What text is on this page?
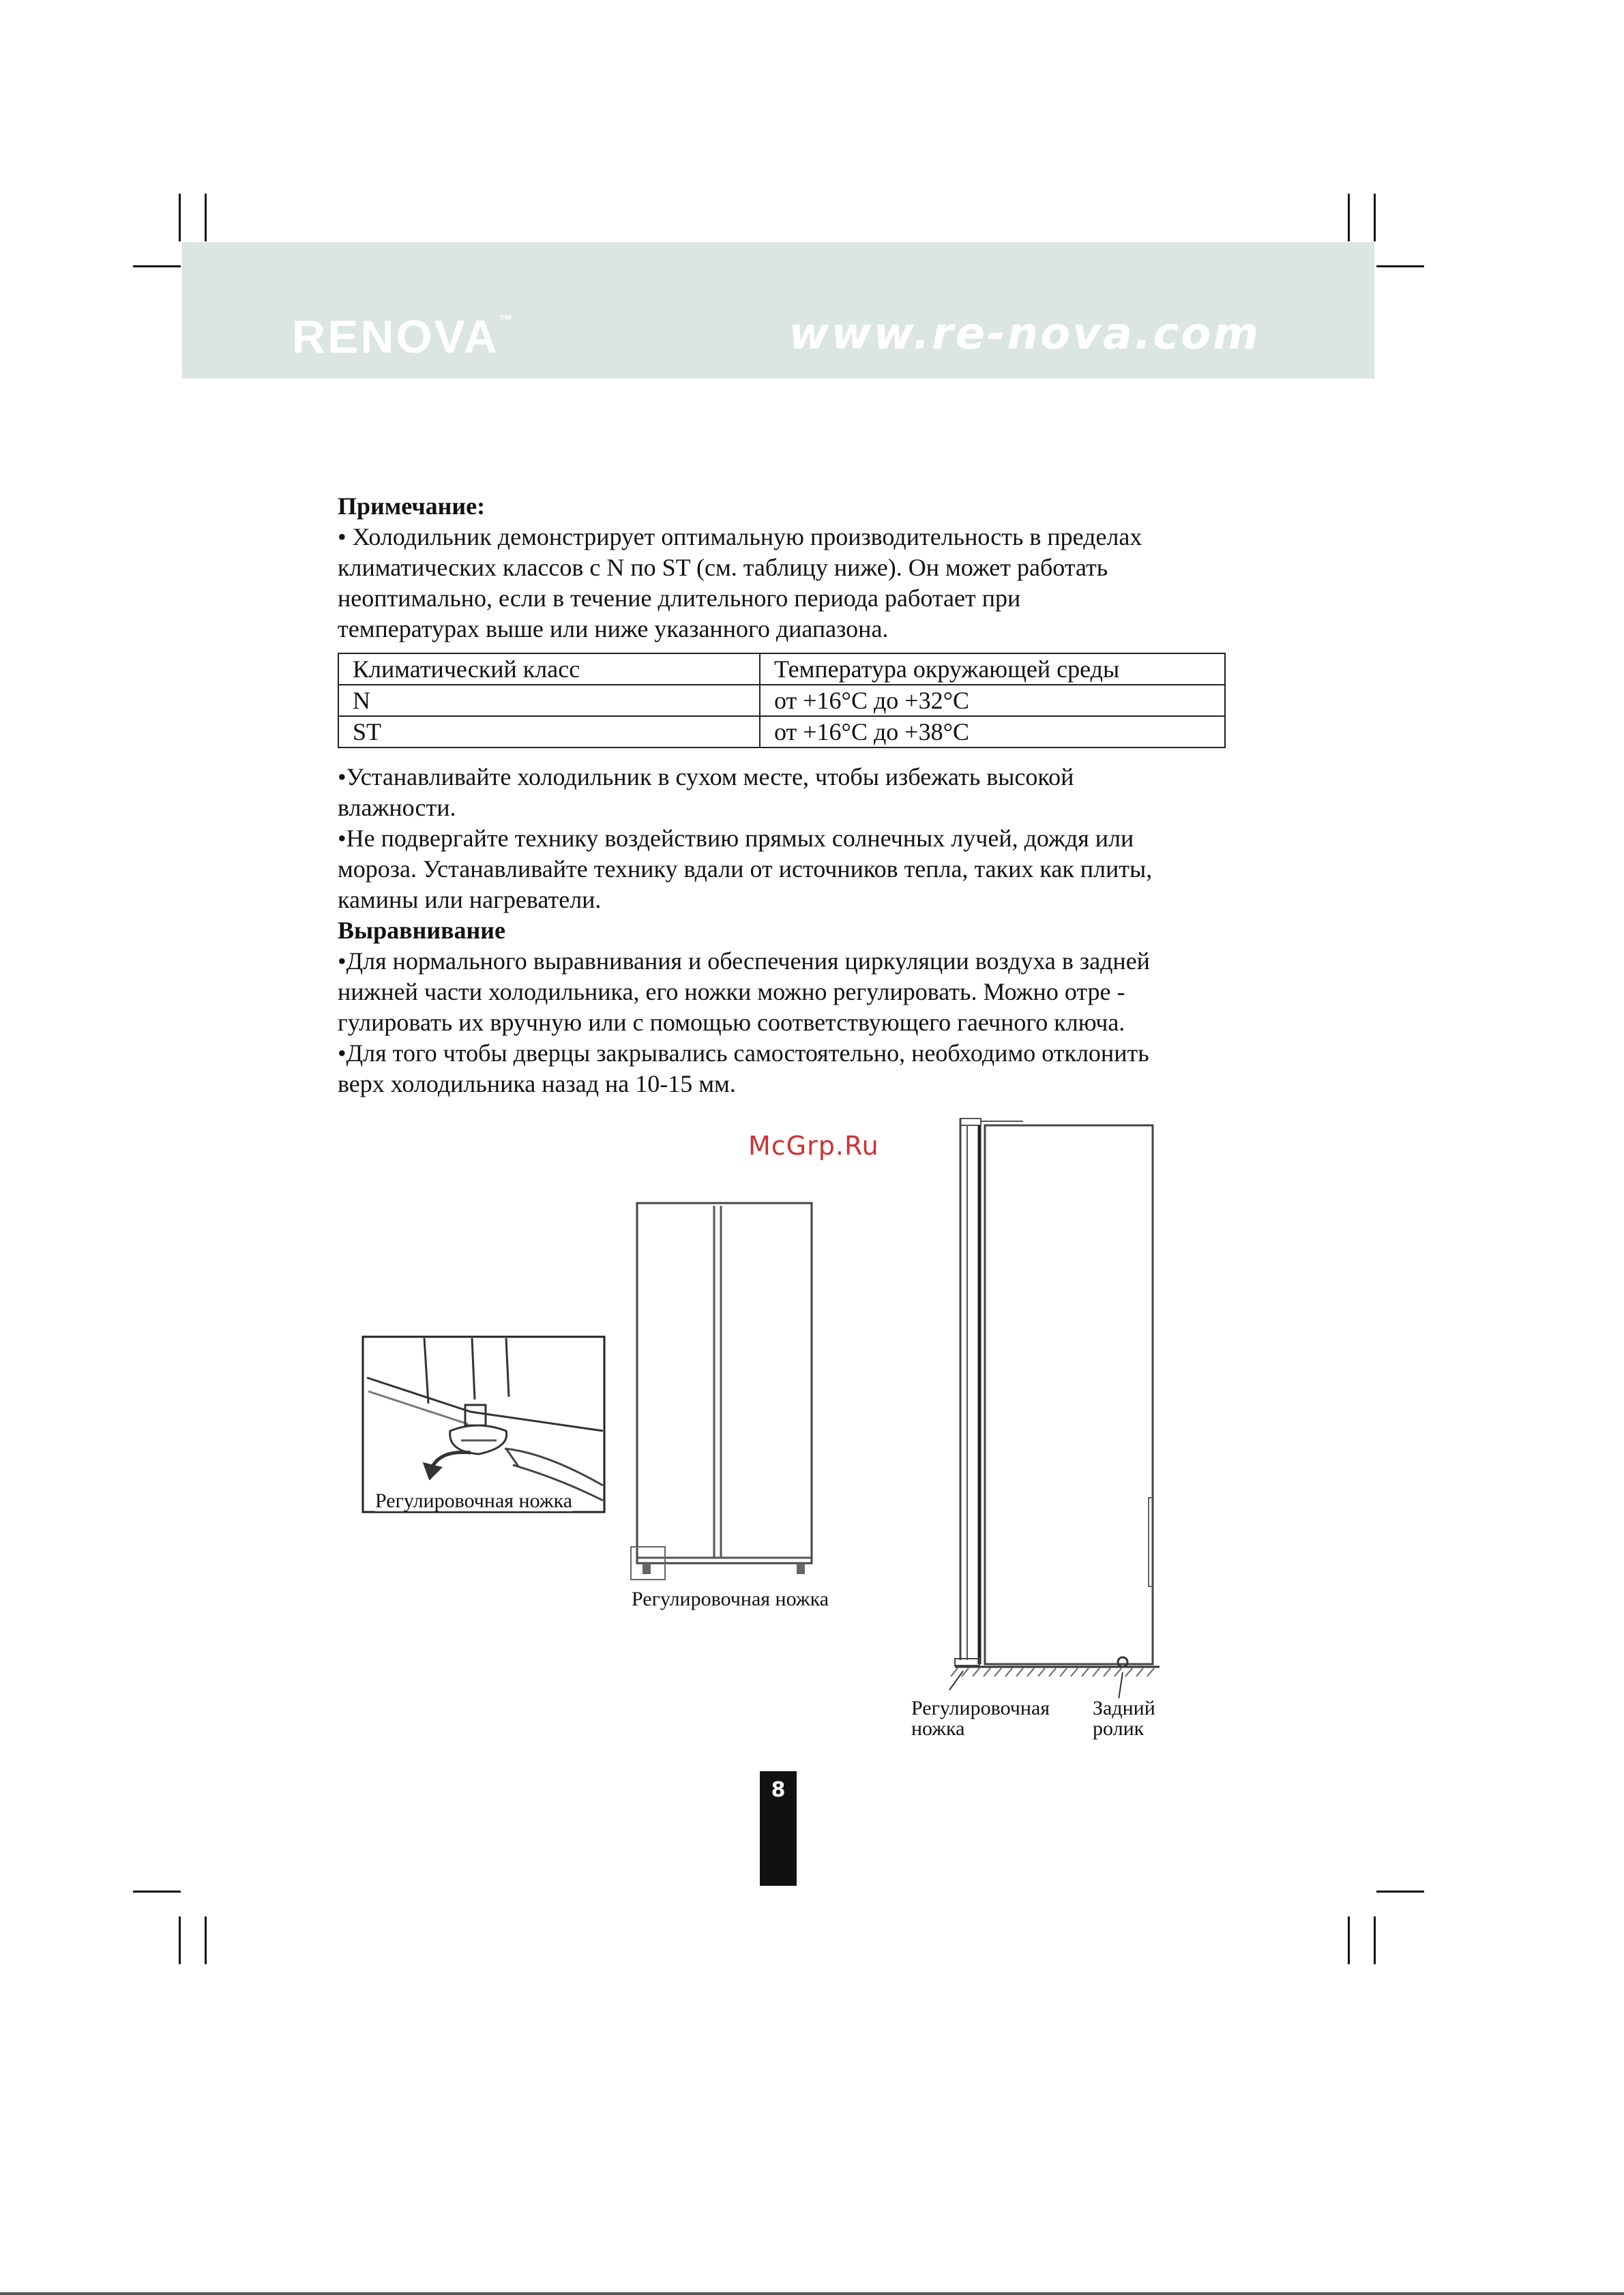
RENOVA™	www.re-nova.com

Примечание:

• Холодильник демонстрирует оптимальную производительность в пределах

климатических классов с N по ST (см. таблицу ниже). Он может работать

неоптимально, если в течение длительного периода работает при

температурах выше или ниже указанного диапазона.

Климатический класс	Температура окружающей среды
N	от +16°С до +32°С
ST	от +16°С до +38°С

•Устанавливайте холодильник в сухом месте, чтобы избежать высокой

влажности.

•Не подвергайте технику воздействию прямых солнечных лучей, дождя или

мороза. Устанавливайте технику вдали от источников тепла, таких как плиты,

камины или нагреватели.

Выравнивание

•Для нормального выравнивания и обеспечения циркуляции воздуха в задней

нижней части холодильника, его ножки можно регулировать. Можно отре -

гулировать их вручную или с помощью соответствующего гаечного ключа.

•Для того чтобы дверцы закрывались самостоятельно, необходимо отклонить

верх холодильника назад на 10-15 мм.

McGrp.Ru
Регулировочная ножка
Регулировочная ножка
Регулировочная
ножка
Задний
ролик
8
